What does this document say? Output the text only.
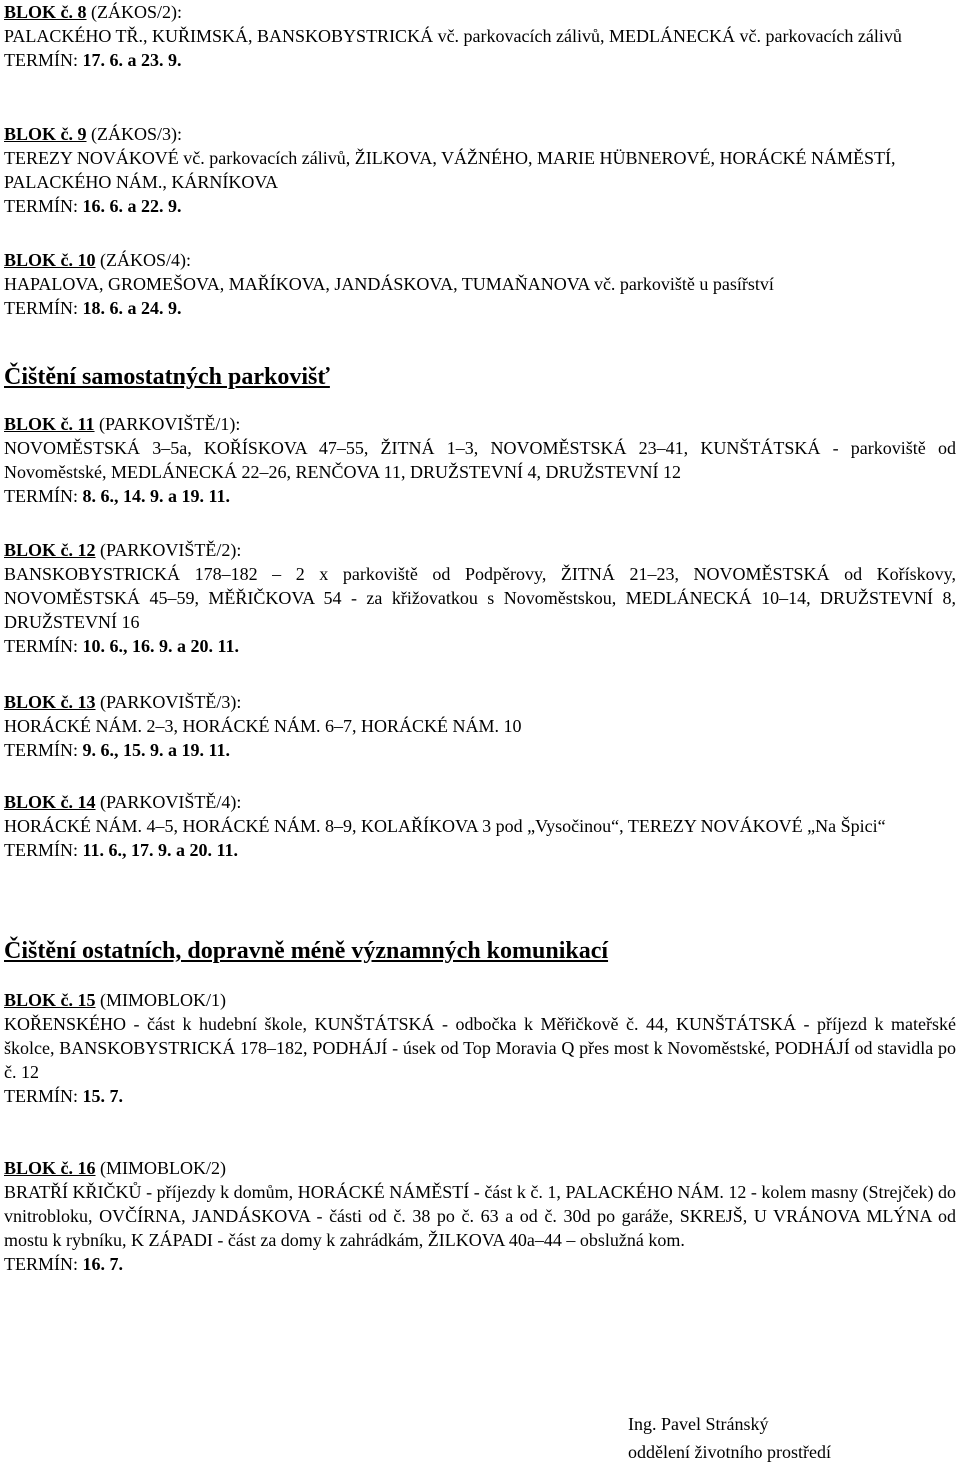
BLOK č. 8 (ZÁKOS/2):

PALACKÉHO TŘ., KUŘIMSKÁ, BANSKOBYSTRICKÁ vč. parkovacích zálivů, MEDLÁNECKÁ vč. parkovacích zálivů

TERMÍN: 17. 6. a 23. 9.

BLOK č. 9 (ZÁKOS/3):

TEREZY NOVÁKOVÉ vč. parkovacích zálivů, ŽILKOVA, VÁŽNÉHO, MARIE HÜBNEROVÉ, HORÁCKÉ NÁMĚSTÍ, PALACKÉHO NÁM., KÁRNÍKOVA

TERMÍN: 16. 6. a 22. 9.

BLOK č. 10 (ZÁKOS/4):

HAPALOVA, GROMEŠOVA, MAŘÍKOVA, JANDÁSKOVA, TUMAŇANOVA vč. parkoviště u pasířství

TERMÍN: 18. 6. a 24. 9.

Čištění samostatných parkovišť

BLOK č. 11 (PARKOVIŠTĚ/1):

NOVOMĚSTSKÁ 3–5a, KOŘÍSKOVA 47–55, ŽITNÁ 1–3, NOVOMĚSTSKÁ 23–41, KUNŠTÁTSKÁ - parkoviště od Novoměstské, MEDLÁNECKÁ 22–26, RENČOVA 11, DRUŽSTEVNÍ 4, DRUŽSTEVNÍ 12

TERMÍN: 8. 6., 14. 9. a 19. 11.

BLOK č. 12 (PARKOVIŠTĚ/2):

BANSKOBYSTRICKÁ 178–182 – 2 x parkoviště od Podpěrovy, ŽITNÁ 21–23, NOVOMĚSTSKÁ od Kořískovy, NOVOMĚSTSKÁ 45–59, MĚŘIČKOVA 54 - za křižovatkou s Novoměstskou, MEDLÁNECKÁ 10–14, DRUŽSTEVNÍ 8, DRUŽSTEVNÍ 16

TERMÍN: 10. 6., 16. 9. a 20. 11.

BLOK č. 13 (PARKOVIŠTĚ/3):

HORÁCKÉ NÁM. 2–3, HORÁCKÉ NÁM. 6–7, HORÁCKÉ NÁM. 10

TERMÍN: 9. 6., 15. 9. a 19. 11.

BLOK č. 14 (PARKOVIŠTĚ/4):

HORÁCKÉ NÁM. 4–5, HORÁCKÉ NÁM. 8–9, KOLAŘÍKOVA 3 pod „Vysočinou“, TEREZY NOVÁKOVÉ „Na Špici“

TERMÍN: 11. 6., 17. 9. a 20. 11.

Čištění ostatních, dopravně méně významných komunikací

BLOK č. 15 (MIMOBLOK/1)

KOŘENSKÉHO - část k hudební škole, KUNŠTÁTSKÁ - odbočka k Měřičkově č. 44, KUNŠTÁTSKÁ - příjezd k mateřské školce, BANSKOBYSTRICKÁ 178–182, PODHÁJÍ - úsek od Top Moravia Q přes most k Novoměstské, PODHÁJÍ od stavidla po č. 12

TERMÍN: 15. 7.

BLOK č. 16 (MIMOBLOK/2)

BRATŘÍ KŘIČKŮ - příjezdy k domům, HORÁCKÉ NÁMĚSTÍ - část k č. 1, PALACKÉHO NÁM. 12 - kolem masny (Strejček) do vnitrobloku, OVČÍRNA, JANDÁSKOVA - části od č. 38 po č. 63 a od č. 30d po garáže, SKREJŠ, U VRÁNOVA MLÝNA od mostu k rybníku, K ZÁPADI - část za domy k zahrádkám, ŽILKOVA 40a–44 – obslužná kom.

TERMÍN: 16. 7.

Ing. Pavel Stránský
oddělení životního prostředí
